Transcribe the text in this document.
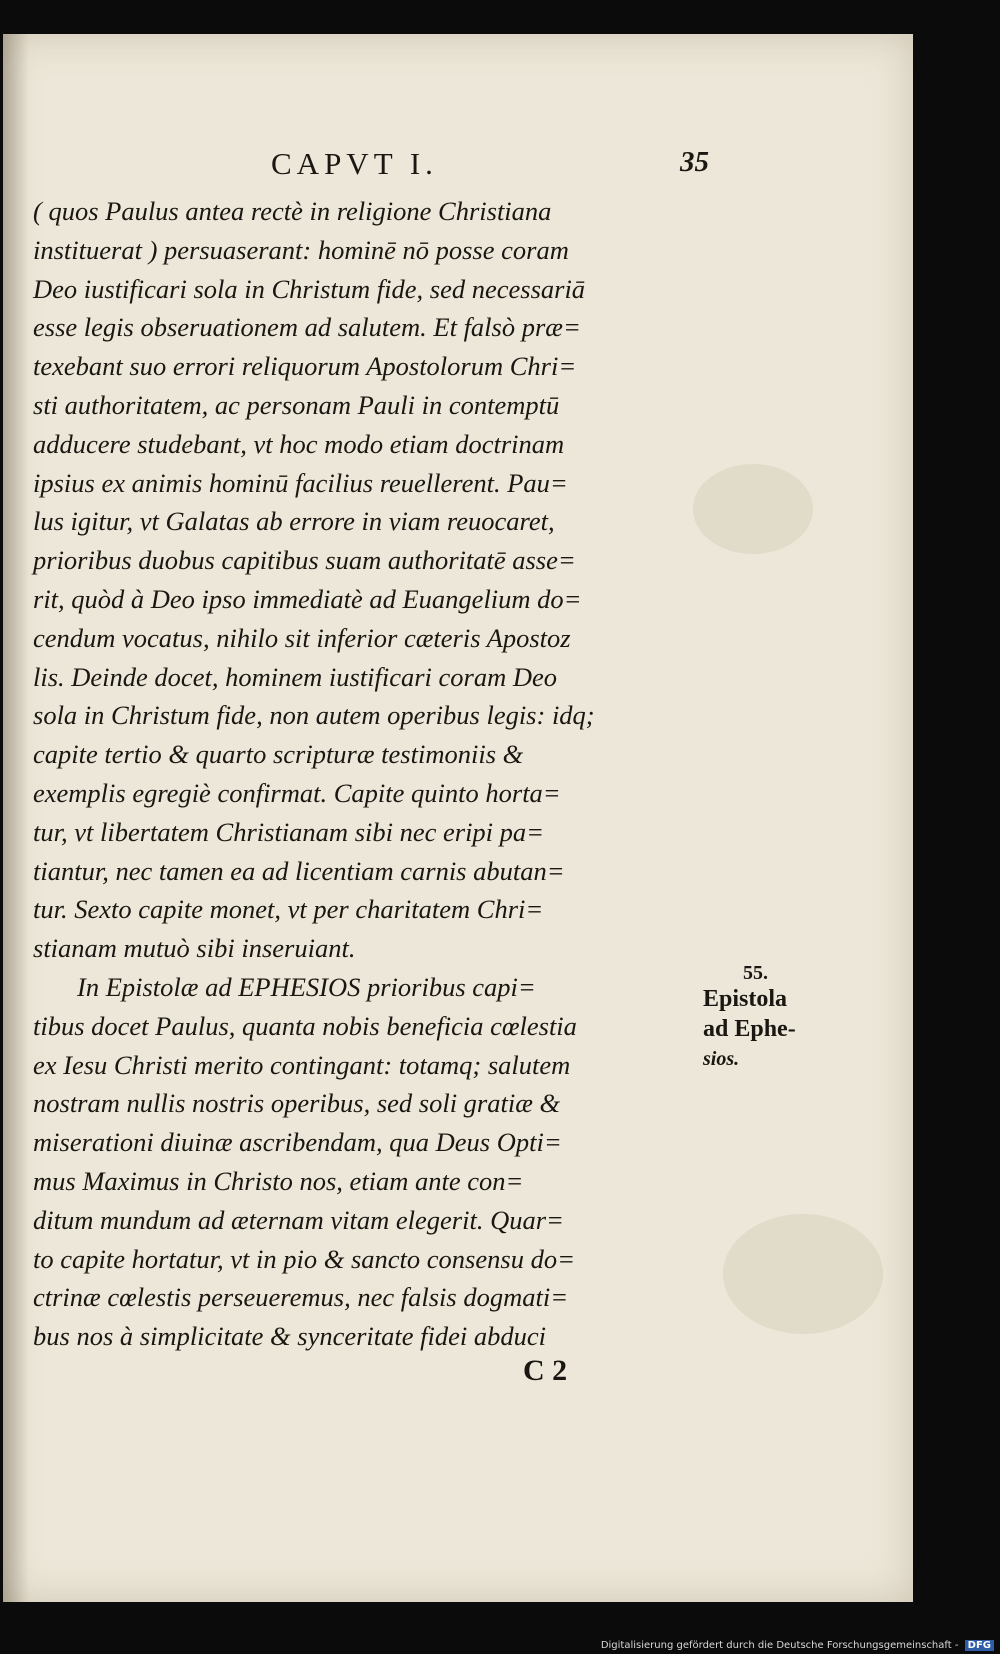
CAPVT I.	35
( quos Paulus antea rectè in religione Christiana
instituerat ) persuaserant: hominē nō posse coram
Deo iustificari sola in Christum fide, sed necessariā
esse legis obseruationem ad salutem. Et falsò præ=
texebant suo errori reliquorum Apostolorum Chri=
sti authoritatem, ac personam Pauli in contemptū
adducere studebant, vt hoc modo etiam doctrinam
ipsius ex animis hominū facilius reuellerent. Pau=
lus igitur, vt Galatas ab errore in viam reuocaret,
prioribus duobus capitibus suam authoritatē asse=
rit, quòd à Deo ipso immediatè ad Euangelium do=
cendum vocatus, nihilo sit inferior cæteris Apostoz
lis. Deinde docet, hominem iustificari coram Deo
sola in Christum fide, non autem operibus legis: idq;
capite tertio & quarto scripturæ testimoniis &
exemplis egregiè confirmat. Capite quinto horta=
tur, vt libertatem Christianam sibi nec eripi pa=
tiantur, nec tamen ea ad licentiam carnis abutan=
tur. Sexto capite monet, vt per charitatem Chri=
stianam mutuò sibi inseruiant.
In Epistolæ ad EPHESIOS prioribus capi=
tibus docet Paulus, quanta nobis beneficia cœlestia
ex Iesu Christi merito contingant: totamq; salutem
nostram nullis nostris operibus, sed soli gratiæ &
miserationi diuinæ ascribendam, qua Deus Opti=
mus Maximus in Christo nos, etiam ante con=
ditum mundum ad æternam vitam elegerit. Quar=
to capite hortatur, vt in pio & sancto consensu do=
ctrinæ cœlestis perseueremus, nec falsis dogmati=
bus nos à simplicitate & synceritate fidei abduci
55.
Epistola
ad Ephe-
sios.
C 2
Digitalisierung gefördert durch die Deutsche Forschungsgemeinschaft - DFG
